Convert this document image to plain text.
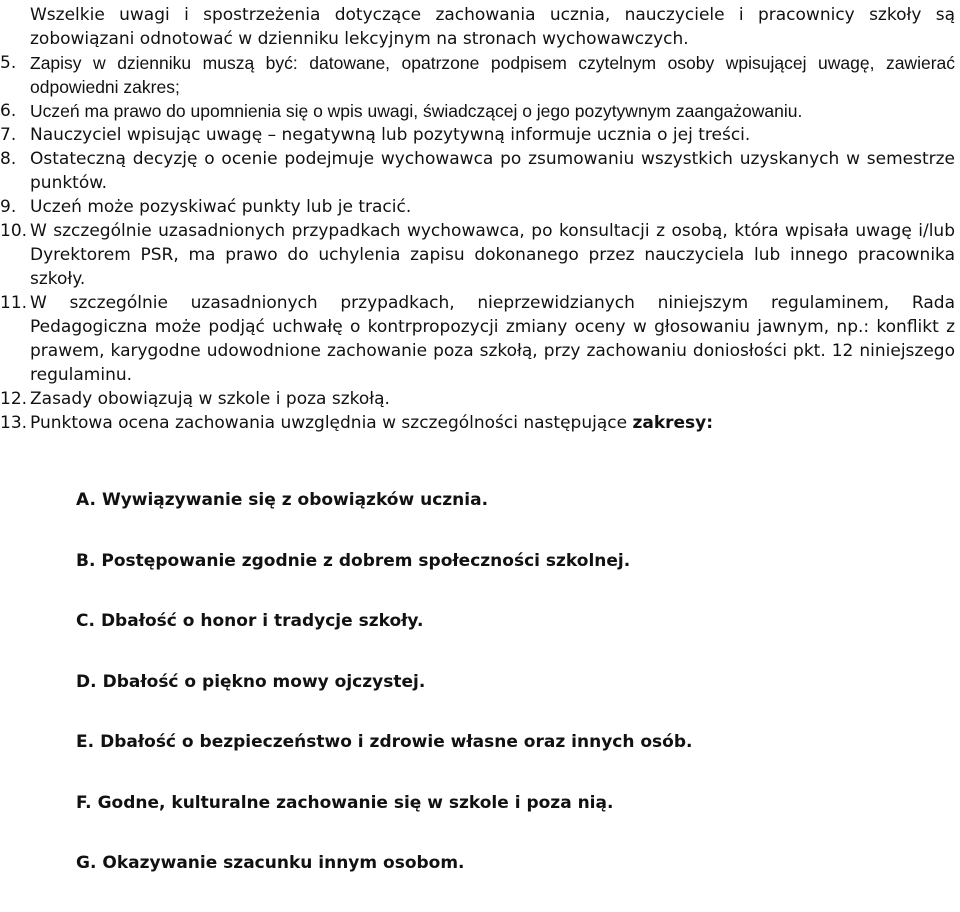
Wszelkie uwagi i spostrzeżenia dotyczące zachowania ucznia, nauczyciele i pracownicy szkoły są zobowiązani odnotować w dzienniku lekcyjnym na stronach wychowawczych.

5. Zapisy w dzienniku muszą być: datowane, opatrzone podpisem czytelnym osoby wpisującej uwagę, zawierać odpowiedni zakres;
6. Uczeń ma prawo do upomnienia się o wpis uwagi, świadczącej o jego pozytywnym zaangażowaniu.
7. Nauczyciel wpisując uwagę – negatywną lub pozytywną informuje ucznia o jej treści.
8. Ostateczną decyzję o ocenie podejmuje wychowawca po zsumowaniu wszystkich uzyskanych w semestrze punktów.
9. Uczeń może pozyskiwać punkty lub je tracić.
10. W szczególnie uzasadnionych przypadkach wychowawca, po konsultacji z osobą, która wpisała uwagę i/lub Dyrektorem PSR, ma prawo do uchylenia zapisu dokonanego przez nauczyciela lub innego pracownika szkoły.
11. W szczególnie uzasadnionych przypadkach, nieprzewidzianych niniejszym regulaminem, Rada Pedagogiczna może podjąć uchwałę o kontrpropozycji zmiany oceny w głosowaniu jawnym, np.: konflikt z prawem, karygodne udowodnione zachowanie poza szkołą, przy zachowaniu doniosłości pkt. 12 niniejszego regulaminu.
12. Zasady obowiązują w szkole i poza szkołą.
13. Punktowa ocena zachowania uwzględnia w szczególności następujące zakresy:
A. Wywiązywanie się z obowiązków ucznia.
B. Postępowanie zgodnie z dobrem społeczności szkolnej.
C. Dbałość o honor i tradycje szkoły.
D. Dbałość o piękno mowy ojczystej.
E. Dbałość o bezpieczeństwo i zdrowie własne oraz innych osób.
F. Godne, kulturalne zachowanie się w szkole i poza nią.
G. Okazywanie szacunku innym osobom.
